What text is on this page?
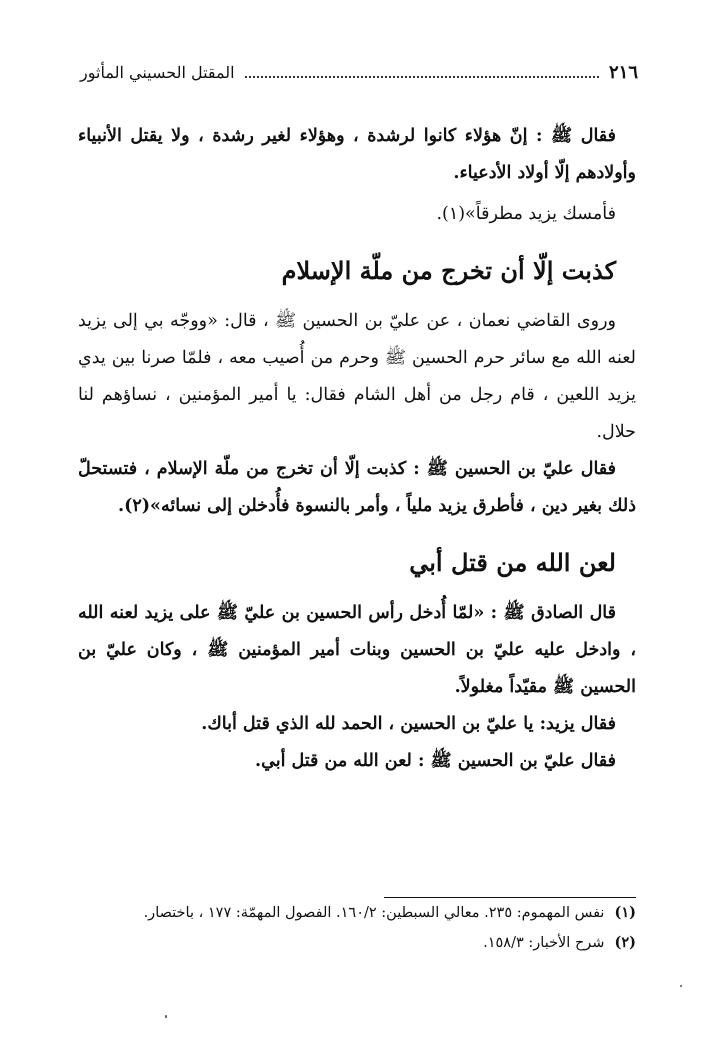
٢١٦
المقتل الحسيني المأثور

فقال ﷺ : إنّ هؤلاء كانوا لرشدة ، وهؤلاء لغير رشدة ، ولا يقتل الأنبياء وأولادهم إلّا أولاد الأدعياء.

فأمسك يزيد مطرقاً»(١).

كذبت إلّا أن تخرج من ملّة الإسلام

وروى القاضي نعمان ، عن عليّ بن الحسين ﷺ ، قال: «ووجّه بي إلى يزيد لعنه الله مع سائر حرم الحسين ﷺ وحرم من أُصيب معه ، فلمّا صرنا بين يدي يزيد اللعين ، قام رجل من أهل الشام فقال: يا أمير المؤمنين ، نساؤهم لنا حلال.

فقال عليّ بن الحسين ﷺ : كذبت إلّا أن تخرج من ملّة الإسلام ، فتستحلّ ذلك بغير دين ، فأطرق يزيد ملياً ، وأمر بالنسوة فأُدخلن إلى نسائه»(٢).

لعن الله من قتل أبي

قال الصادق ﷺ : «لمّا أُدخل رأس الحسين بن عليّ ﷺ على يزيد لعنه الله ، وادخل عليه عليّ بن الحسين وبنات أمير المؤمنين ﷺ ، وكان عليّ بن الحسين ﷺ مقيّداً مغلولاً.

فقال يزيد: يا عليّ بن الحسين ، الحمد لله الذي قتل أباك.

فقال عليّ بن الحسين ﷺ : لعن الله من قتل أبي.

(١)
نفس المهموم: ٢٣٥. معالي السبطين: ١٦٠/٢. الفصول المهمّة: ١٧٧ ، باختصار.
(٢)
شرح الأخبار: ١٥٨/٣.
